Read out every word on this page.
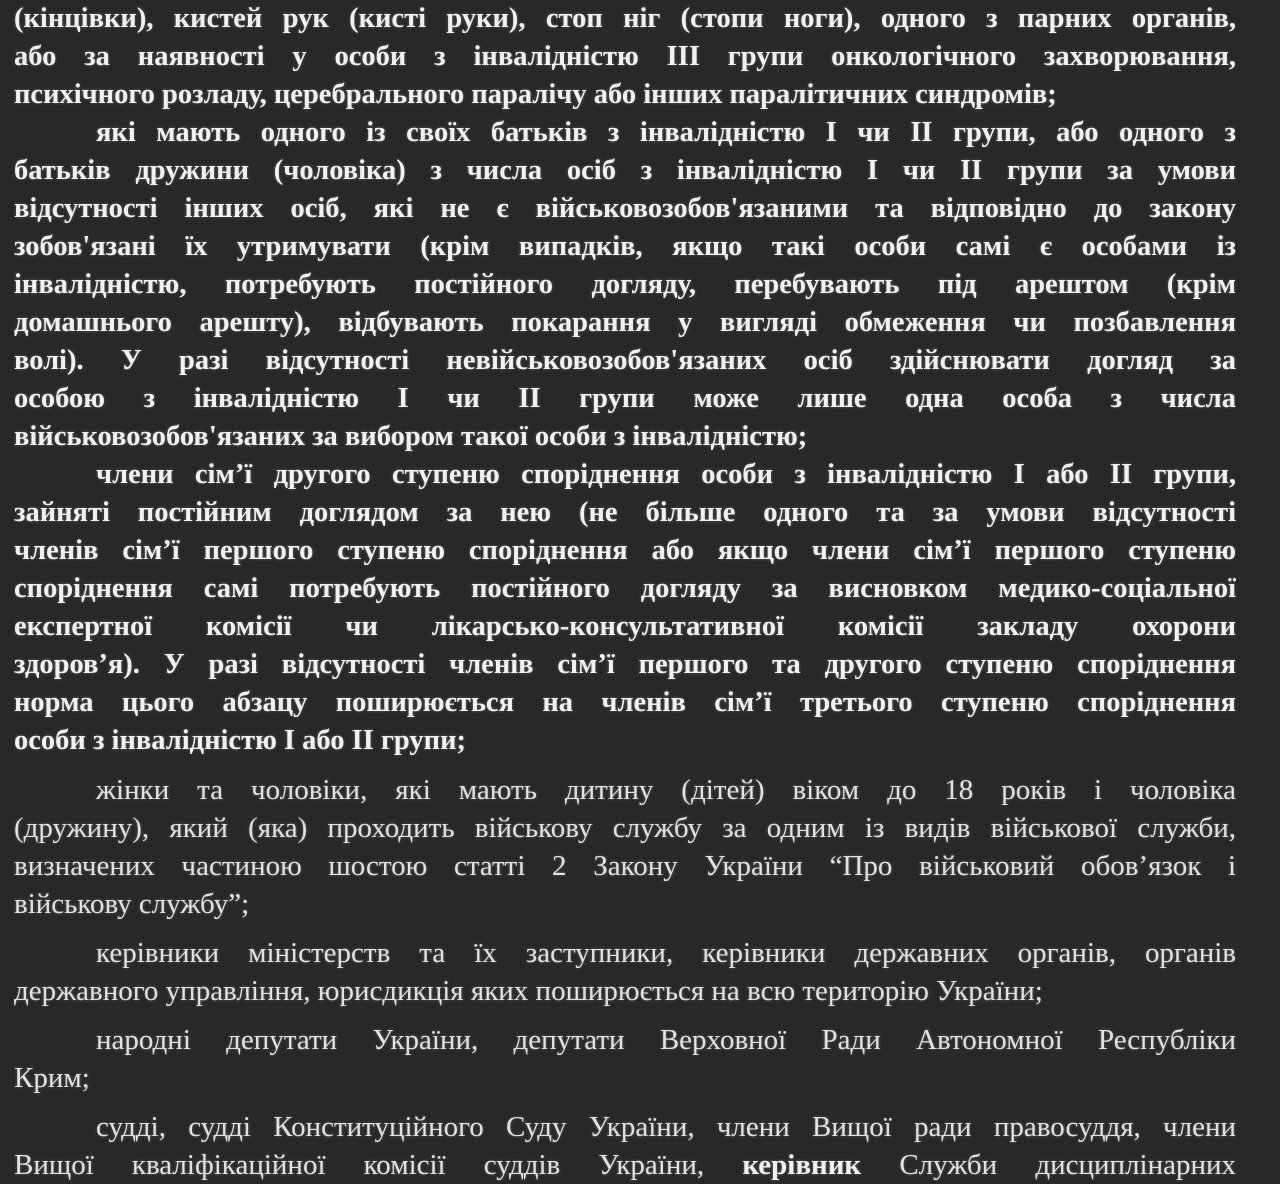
(кінцівки), кистей рук (кисті руки), стоп ніг (стопи ноги), одного з парних органів,
або за наявності у особи з інвалідністю ІІІ групи онкологічного захворювання,
психічного розладу, церебрального паралічу або інших паралітичних синдромів;
які мають одного із своїх батьків з інвалідністю І чи ІІ групи, або одного з
батьків дружини (чоловіка) з числа осіб з інвалідністю І чи ІІ групи за умови
відсутності інших осіб, які не є військовозобов'язаними та відповідно до закону
зобов'язані їх утримувати (крім випадків, якщо такі особи самі є особами із
інвалідністю, потребують постійного догляду, перебувають під арештом (крім
домашнього арешту), відбувають покарання у вигляді обмеження чи позбавлення
волі). У разі відсутності невійськовозобов'язаних осіб здійснювати догляд за
особою з інвалідністю І чи ІІ групи може лише одна особа з числа
військовозобов'язаних за вибором такої особи з інвалідністю;
члени сім’ї другого ступеню споріднення особи з інвалідністю І або ІІ групи,
зайняті постійним доглядом за нею (не більше одного та за умови відсутності
членів сім’ї першого ступеню споріднення або якщо члени сім’ї першого ступеню
споріднення самі потребують постійного догляду за висновком медико-соціальної
експертної комісії чи лікарсько-консультативної комісії закладу охорони
здоров’я). У разі відсутності членів сім’ї першого та другого ступеню споріднення
норма цього абзацу поширюється на членів сім’ї третього ступеню споріднення
особи з інвалідністю І або ІІ групи;
жінки та чоловіки, які мають дитину (дітей) віком до 18 років і чоловіка
(дружину), який (яка) проходить військову службу за одним із видів військової служби,
визначених частиною шостою статті 2 Закону України “Про військовий обов’язок і
військову службу”;
керівники міністерств та їх заступники, керівники державних органів, органів
державного управління, юрисдикція яких поширюється на всю територію України;
народні депутати України, депутати Верховної Ради Автономної Республіки
Крим;
судді, судді Конституційного Суду України, члени Вищої ради правосуддя, члени
Вищої кваліфікаційної комісії суддів України, керівник Служби дисциплінарних
